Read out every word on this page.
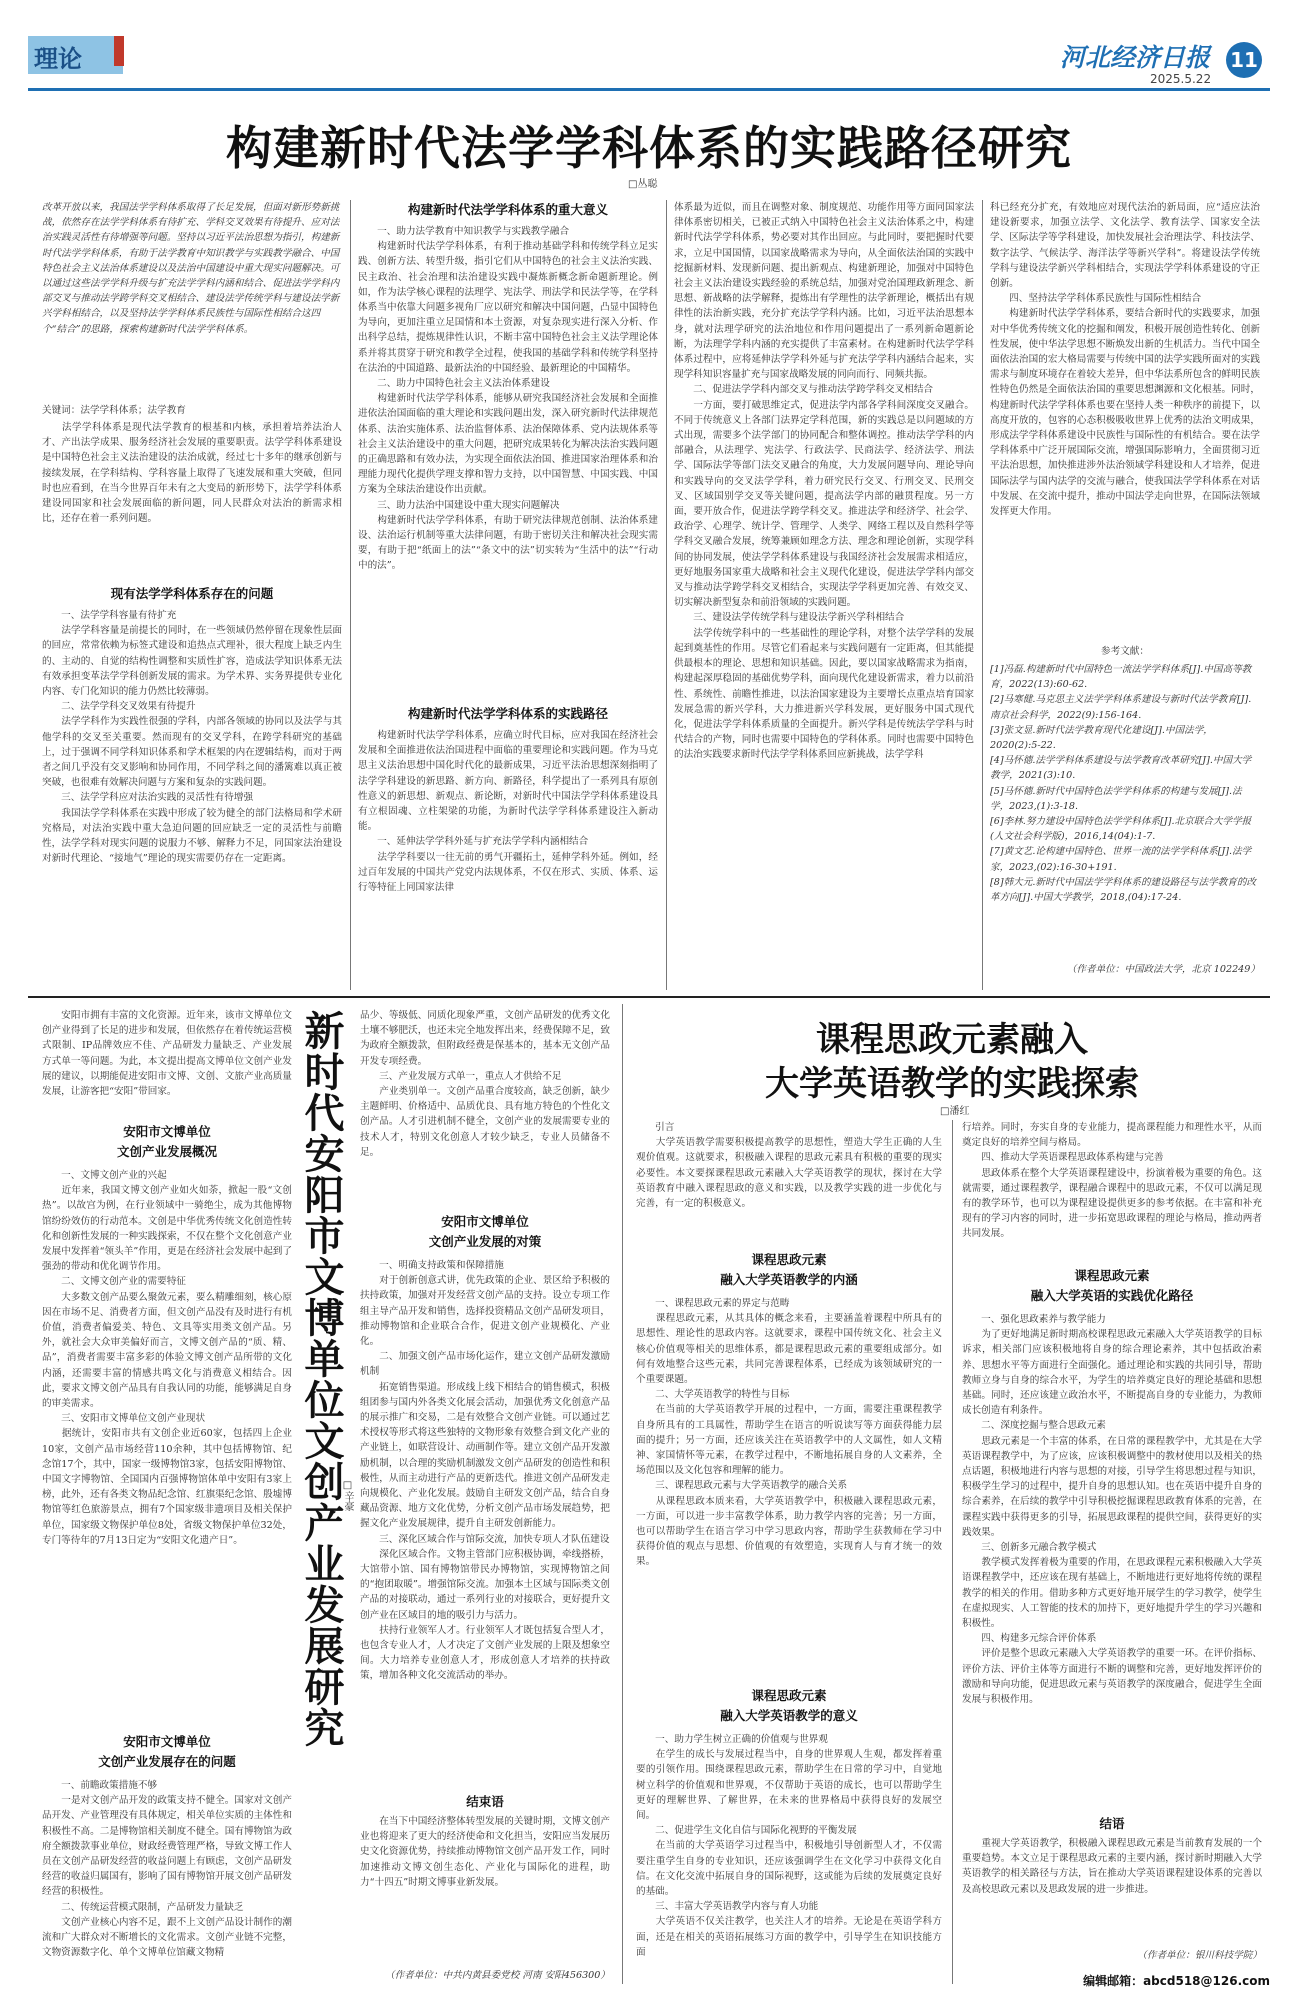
理论	河北经济日报
2025.5.22
11
构建新时代法学学科体系的实践路径研究
□丛聪
改革开放以来，我国法学学科体系取得了长足发展，但面对新形势新挑战，依然存在法学学科体系有待扩充、学科交叉效果有待提升、应对法治实践灵活性有待增强等问题。坚持以习近平法治思想为指引，构建新时代法学学科体系，有助于法学教育中知识教学与实践教学融合、中国特色社会主义法治体系建设以及法治中国建设中重大现实问题解决。可以通过这些法学学科升级与扩充法学学科内涵和结合、促进法学学科内部交叉与推动法学跨学科交叉相结合、建设法学传统学科与建设法学新兴学科相结合，以及坚持法学学科体系民族性与国际性相结合这四个“结合”的思路，探索构建新时代法学学科体系。
关键词：法学学科体系；法学教育
　　法学学科体系是现代法学教育的根基和内核，承担着培养法治人才、产出法学成果、服务经济社会发展的重要职责。法学学科体系建设是中国特色社会主义法治建设的法治成就，经过七十多年的继承创新与接续发展，在学科结构、学科容量上取得了飞速发展和重大突破，但同时也应看到，在当今世界百年未有之大变局的新形势下，法学学科体系建设同国家和社会发展面临的新问题，同人民群众对法治的新需求相比，还存在着一系列问题。
现有法学学科体系存在的问题
　　一、法学学科容量有待扩充
　　法学学科容量是前提长的同时，在一些领域仍然停留在现象性层面的回应，常常依赖为标签式建设和追热点式理补，很大程度上缺乏内生的、主动的、自觉的结构性调整和实质性扩容，造成法学知识体系无法有效承担变革法学学科创新发展的需求。为学术界、实务界提供专业化内容、专门化知识的能力仍然比较薄弱。
　　二、法学学科交叉效果有待提升
　　法学学科作为实践性很强的学科，内部各领域的协同以及法学与其他学科的交叉至关重要。然而现有的交叉学科，在跨学科研究的基础上，过于强调不同学科知识体系和学术框架的内在逻辑结构，而对于两者之间几乎没有交叉影响和协同作用，不同学科之间的潘篱难以真正被突破，也很难有效解决问题与方案和复杂的实践问题。
　　三、法学学科应对法治实践的灵活性有待增强
　　我国法学学科体系在实践中形成了较为健全的部门法格局和学术研究格局，对法治实践中重大急迫问题的回应缺乏一定的灵活性与前瞻性，法学学科对现实问题的说服力不够、解释力不足，同国家法治建设对新时代理论、“接地气”理论的现实需要仍存在一定距离。
构建新时代法学学科体系的重大意义
　　一、助力法学教育中知识教学与实践教学融合
　　构建新时代法学学科体系，有利于推动基础学科和传统学科立足实践、创新方法、转型升级，指引它们从中国特色的社会主义法治实践、民主政治、社会治理和法治建设实践中凝炼新概念新命题新理论。例如，作为法学核心课程的法理学、宪法学、刑法学和民法学等，在学科体系当中依靠大问题多视角厂应以研究和解决中国问题，凸显中国特色为导向，更加注重立足国情和本土资源，对复杂现实进行深入分析、作出科学总结，提炼规律性认识，不断丰富中国特色社会主义法学理论体系并将其贯穿于研究和教学全过程，使我国的基础学科和传统学科坚持在法治的中国道路、最新法治的中国经验、最新理论的中国精华。
　　二、助力中国特色社会主义法治体系建设
　　构建新时代法学学科体系，能够从研究我国经济社会发展和全面推进依法治国面临的重大理论和实践问题出发，深入研究新时代法律规范体系、法治实施体系、法治监督体系、法治保障体系、党内法规体系等社会主义法治建设中的重大问题，把研究成果转化为解决法治实践问题的正确思路和有效办法，为实现全面依法治国、推进国家治理体系和治理能力现代化提供学理支撑和智力支持，以中国智慧、中国实践、中国方案为全球法治建设作出贡献。
　　三、助力法治中国建设中重大现实问题解决
　　构建新时代法学学科体系，有助于研究法律规范创制、法治体系建设、法治运行机制等重大法律问题，有助于密切关注和解决社会现实需要，有助于把“纸面上的法”“条文中的法”切实转为“生活中的法”“行动中的法”。
构建新时代法学学科体系的实践路径
　　构建新时代法学学科体系，应确立时代目标，应对我国在经济社会发展和全面推进依法治国进程中面临的重要理论和实践问题。作为马克思主义法治思想中国化时代化的最新成果，习近平法治思想深刻指明了法学学科建设的新思路、新方向、新路径，科学提出了一系列具有原创性意义的新思想、新观点、新论断，对新时代中国法学学科体系建设具有立根固魂、立柱架梁的功能，为新时代法学学科体系建设注入新动能。
　　一、延伸法学学科外延与扩充法学学科内涵相结合
　　法学学科要以一往无前的勇气开疆拓土，延伸学科外延。例如，经过百年发展的中国共产党党内法规体系，不仅在形式、实质、体系、运行等特征上同国家法律
体系最为近似，而且在调整对象、制度规范、功能作用等方面同国家法律体系密切相关，已被正式纳入中国特色社会主义法治体系之中，构建新时代法学学科体系，势必要对其作出回应。与此同时，要把握时代要求，立足中国国情，以国家战略需求为导向，从全面依法治国的实践中挖掘新材料、发现新问题、提出新观点、构建新理论，加强对中国特色社会主义法治建设实践经验的系统总结，加强对党治国理政新理念、新思想、新战略的法学解释，提炼出有学理性的法学新理论，概括出有规律性的法治新实践，充分扩充法学学科内涵。比如，习近平法治思想本身，就对法理学研究的法治地位和作用问题提出了一系列新命题新论断，为法理学学科内涵的充实提供了丰富素材。在构建新时代法学学科体系过程中，应将延伸法学学科外延与扩充法学学科内涵结合起来，实现学科知识容量扩充与国家战略发展的同向而行、同频共振。
　　二、促进法学学科内部交叉与推动法学跨学科交叉相结合
　　一方面，要打破思维定式，促进法学内部各学科间深度交叉融合。不同于传统意义上各部门法界定学科范围，新的实践总是以问题域的方式出现，需要多个法学部门的协同配合和整体调控。推动法学学科的内部融合，从法理学、宪法学、行政法学、民商法学、经济法学、刑法学、国际法学等部门法交叉融合的角度，大力发展问题导向、理论导向和实践导向的交叉法学学科，着力研究民行交叉、行刑交叉、民刑交叉、区域国别学交叉等关键问题，提高法学内部的融贯程度。另一方面，要开放合作，促进法学跨学科交叉。推进法学和经济学、社会学、政治学、心理学、统计学、管理学、人类学、网络工程以及自然科学等学科交叉融合发展，统筹兼顾如理念方法、理念和理论创新，实现学科间的协同发展，使法学学科体系建设与我国经济社会发展需求相适应，更好地服务国家重大战略和社会主义现代化建设，促进法学学科内部交叉与推动法学跨学科交叉相结合，实现法学学科更加完善、有效交叉、切实解决新型复杂和前沿领域的实践问题。
　　三、建设法学传统学科与建设法学新兴学科相结合
　　法学传统学科中的一些基础性的理论学科，对整个法学学科的发展起到奠基性的作用。尽管它们看起来与实践问题有一定距离，但其能提供最根本的理论、思想和知识基础。因此，要以国家战略需求为指南，构建起深厚稳固的基础优势学科，面向现代化建设新需求，着力以前沿性、系统性、前瞻性推进，以法治国家建设为主要增长点重点培育国家发展急需的新兴学科，大力推进新兴学科发展，更好服务中国式现代化，促进法学学科体系质量的全面提升。新兴学科是传统法学学科与时代结合的产物，同时也需要中国特色的学科体系。同时也需要中国特色的法治实践要求新时代法学学科体系回应新挑战，法学学科
科已经充分扩充，有效地应对现代法治的新局面，应“适应法治建设新要求，加强立法学、文化法学、教育法学、国家安全法学、区际法学等学科建设，加快发展社会治理法学、科技法学、数字法学、气候法学、海洋法学等新兴学科”。将建设法学传统学科与建设法学新兴学科相结合，实现法学学科体系建设的守正创新。
　　四、坚持法学学科体系民族性与国际性相结合
　　构建新时代法学学科体系，要结合新时代的实践要求，加强对中华优秀传统文化的挖掘和阐发，积极开展创造性转化、创新性发展，使中华法学思想不断焕发出新的生机活力。当代中国全面依法治国的宏大格局需要与传统中国的法学实践所面对的实践需求与制度环境存在着较大差异，但中华法系所包含的鲜明民族性特色仍然是全面依法治国的重要思想渊源和文化根基。同时，构建新时代法学学科体系也要在坚持人类一种秩序的前提下，以高度开放的，包容的心态积极吸收世界上优秀的法治文明成果，形成法学学科体系建设中民族性与国际性的有机结合。要在法学学科体系中广泛开展国际交流，增强国际影响力，全面贯彻习近平法治思想，加快推进涉外法治领域学科建设和人才培养，促进国际法学与国内法学的交流与融合，使我国法学学科体系在对话中发展、在交流中提升，推动中国法学走向世界，在国际法领域发挥更大作用。
参考文献：
[1]冯磊.构建新时代中国特色一流法学学科体系[J].中国高等教育，2022(13):60-62.
[2]马寒健.马克思主义法学学科体系建设与新时代法学教育[J].南京社会科学，2022(9):156-164.
[3]张文显.新时代法学教育现代化建设[J].中国法学，2020(2):5-22.
[4]马怀德.法学学科体系建设与法学教育改革研究[J].中国大学教学，2021(3):10.
[5]马怀德.新时代中国特色法学学科体系的构建与发展[J].法学，2023,(1):3-18.
[6]李林.努力建设中国特色法学学科体系[J].北京联合大学学报(人文社会科学版)，2016,14(04):1-7.
[7]黄文艺.论构建中国特色、世界一流的法学学科体系[J].法学家，2023,(02):16-30+191.
[8]韩大元.新时代中国法学学科体系的建设路径与法学教育的改革方向[J].中国大学教学，2018,(04):17-24.
（作者单位：中国政法大学，北京 102249）
　　安阳市拥有丰富的文化资源。近年来，该市文博单位文创产业得到了长足的进步和发展，但依然存在着传统运营模式限制、IP品牌效应不佳、产品研发力量缺乏、产业发展方式单一等问题。为此，本文提出提高文博单位文创产业发展的建议，以期能促进安阳市文博、文创、文旅产业高质量发展，让游客把“安阳”带回家。
安阳市文博单位
文创产业发展概况
　　一、文博文创产业的兴起
　　近年来，我国文博文创产业如火如荼，掀起一股“文创热”。以故宫为例，在行业领域中一骑绝尘，成为其他博物馆纷纷效仿的行动范本。文创是中华优秀传统文化创造性转化和创新性发展的一种实践探索，不仅在整个文化创意产业发展中发挥着“领头羊”作用，更是在经济社会发展中起到了强劲的带动和优化调节作用。
　　二、文博文创产业的需要特征
　　大多数文创产品要么聚敛元素，要么精雕细刻，核心原因在市场不足、消费者方面，但文创产品没有及时进行有机价值，消费者偏爱美、特色、文具等实用类文创产品。另外，就社会大众审美偏好而言，文博文创产品的“质、精、品”，消费者需要丰富多彩的体验文博文创产品所带的文化内涵，还需要丰富的情感共鸣文化与消费意义相结合。因此，要求文博文创产品具有自我认同的功能，能够满足自身的审美需求。
　　三、安阳市文博单位文创产业现状
　　据统计，安阳市共有文创企业近60家，包括四上企业10家，文创产品市场经营110余种，其中包括博物馆、纪念馆17个，其中，国家一级博物馆3家，包括安阳博物馆、中国文字博物馆、全国国内百强博物馆体单中安阳有3家上榜，此外，还有各类文物品纪念馆、红旗渠纪念馆、殷墟博物馆等红色旅游景点，拥有7个国家级非遗项目及相关保护单位，国家级文物保护单位8处，省级文物保护单位32处，专门等待年的7月13日定为“安阳文化遗产日”。
安阳市文博单位
文创产业发展存在的问题
　　一、前瞻政策措施不够
　　一是对文创产品开发的政策支持不健全。国家对文创产品开发、产业管理没有具体规定，相关单位实质的主体性和积极性不高。二是博物馆相关制度不健全。国有博物馆为政府全额拨款事业单位，财政经费管理严格，导致文博工作人员在文创产品研发经营的收益问题上有顾虑，文创产品研发经营的收益归属国有，影响了国有博物馆开展文创产品研发经营的积极性。
　　二、传统运营模式限制，产品研发力量缺乏
　　文创产业核心内容不足，跟不上文创产品设计制作的潮流和广大群众对不断增长的文化需求。文创产业链不完整，文物资源数字化、单个文博单位馆藏文物精
新时代安阳市文博单位文创产业发展研究
□辛豪
品少、等级低、同质化现象严重，文创产品研发的优秀文化土壤不够肥沃，也还未完全地发挥出来，经费保障不足，致为政府全额拨款，但附政经费是保基本的，基本无文创产品开发专项经费。
　　三、产业发展方式单一，重点人才供给不足
　　产业类别单一。文创产品重合度较高，缺乏创新，缺少主题鲜明、价格适中、品质优良、具有地方特色的个性化文创产品。人才引进机制不健全，文创产业的发展需要专业的技术人才，特别文化创意人才较少缺乏，专业人员储备不足。
安阳市文博单位
文创产业发展的对策
　　一、明确支持政策和保障措施
　　对于创新创意式讲，优先政策的企业、景区给予积极的扶持政策，加强对开发经营文创产品的支持。设立专项工作组主导产品开发和销售，选择投资精品文创产品研发项目，推动博物馆和企业联合合作，促进文创产业规模化、产业化。
　　二、加强文创产品市场化运作，建立文创产品研发激励机制
　　拓宽销售渠道。形成线上线下相结合的销售模式，积极组团参与国内外各类文化展会活动，加强优秀文化创意产品的展示推广和交易，二是有效整合文创产业链。可以通过艺术授权等形式将这些独特的文物形象有效整合到文化产业的产业链上，如联营设计、动画制作等。建立文创产品开发激励机制，以合理的奖励机制激发文创产品研发的创造性和积极性，从而主动进行产品的更新迭代。推进文创产品研发走向规模化、产业化发展。鼓励自主研发文创产品，结合自身藏品资源、地方文化优势，分析文创产品市场发展趋势，把握文化产业发展规律，提升自主研发创新能力。
　　三、深化区域合作与馆际交流，加快专项人才队伍建设
　　深化区域合作。文物主管部门应积极协调，牵线搭桥，大馆带小馆、国有博物馆带民办博物馆，实现博物馆之间的“抱团取暖”。增强馆际交流。加强本土区域与国际类文创产品的对接联动，通过一系列行业的对接联合，更好提升文创产业在区域目的地的吸引力与活力。
　　扶持行业领军人才。行业领军人才既包括复合型人才，也包含专业人才，人才决定了文创产业发展的上限及想象空间。大力培养专业创意人才，形成创意人才培养的扶持政策，增加各种文化交流活动的举办。
结束语
　　在当下中国经济整体转型发展的关键时期，文博文创产业也将迎来了更大的经济使命和文化担当，安阳应当发展历史文化资源优势，持续推动博物馆文创产品开发工作，同时加速推动文博文创生态化、产业化与国际化的进程，助力“十四五”时期文博事业新发展。
（作者单位：中共内黄县委党校 河南 安阳456300）
课程思政元素融入
大学英语教学的实践探索
□潘红
　　引言
　　大学英语教学需要积极提高教学的思想性，塑造大学生正确的人生观价值观。这就要求，积极融入课程的思政元素具有积极的重要的现实必要性。本文要探课程思政元素融入大学英语教学的现状，探讨在大学英语教育中融入课程思政的意义和实践，以及教学实践的进一步优化与完善，有一定的积极意义。
课程思政元素
融入大学英语教学的内涵
　　一、课程思政元素的界定与范畴
　　课程思政元素，从其具体的概念来看，主要涵盖着课程中所具有的思想性、理论性的思政内容。这就要求，课程中国传统文化、社会主义核心价值观等相关的思维体系，都是课程思政元素的重要组成部分。如何有效地整合这些元素，共同完善课程体系，已经成为该领域研究的一个重要课题。
　　二、大学英语教学的特性与目标
　　在当前的大学英语教学开展的过程中，一方面，需要注重课程教学自身所具有的工具属性，帮助学生在语言的听说读写等方面获得能力层面的提升；另一方面，还应该关注在英语教学中的人文属性，如人文精神、家国情怀等元素，在教学过程中，不断地拓展自身的人文素养，全场范围以及文化包容和理解的能力。
　　三、课程思政元素与大学英语教学的融合关系
　　从课程思政本质来看，大学英语教学中，积极融入课程思政元素，一方面，可以进一步丰富教学体系，助力教学内容的完善；另一方面，也可以帮助学生在语言学习中学习思政内容，帮助学生获教师在学习中获得价值的观点与思想、价值观的有效塑造，实现育人与育才统一的效果。
课程思政元素
融入大学英语教学的意义
　　一、助力学生树立正确的价值观与世界观
　　在学生的成长与发展过程当中，自身的世界观人生观，都发挥着重要的引领作用。围绕课程思政元素，帮助学生在日常的学习中，自觉地树立科学的价值观和世界观，不仅帮助于英语的成长，也可以帮助学生更好的理解世界、了解世界，在未来的世界格局中获得良好的发展空间。
　　二、促进学生文化自信与国际化视野的平衡发展
　　在当前的大学英语学习过程当中，积极地引导创新型人才，不仅需要注重学生自身的专业知识，还应该强调学生在文化学习中获得文化自信。在文化交流中拓展自身的国际视野，这或能为后续的发展奠定良好的基础。
　　三、丰富大学英语教学内容与育人功能
　　大学英语不仅关注教学，也关注人才的培养。无论是在英语学科方面，还是在相关的英语拓展练习方面的教学中，引导学生在知识技能方面
行培养。同时，夯实自身的专业能力，提高课程能力和理性水平，从而奠定良好的培养空间与格局。
　　四、推动大学英语课程思政体系构建与完善
　　思政体系在整个大学英语课程建设中，扮演着极为重要的角色。这就需要，通过课程教学，课程融合课程中的思政元素，不仅可以满足现有的教学环节，也可以为课程建设提供更多的参考依据。在丰富和补充现有的学习内容的同时，进一步拓宽思政课程的理论与格局，推动两者共同发展。
课程思政元素
融入大学英语的实践优化路径
　　一、强化思政素养与教学能力
　　为了更好地满足新时期高校课程思政元素融入大学英语教学的目标诉求，相关部门应该积极地将自身的综合理论素养，其中包括政治素养、思想水平等方面进行全面强化。通过理论和实践的共同引导，帮助教师立身与自身的综合水平，为学生的培养奠定良好的理论基础和思想基础。同时，还应该建立政治水平，不断提高自身的专业能力，为教师成长创造有利条件。
　　二、深度挖掘与整合思政元素
　　思政元素是一个丰富的体系，在日常的课程教学中，尤其是在大学英语课程教学中，为了应该，应该积极调整中的教材使用以及相关的热点话题，积极地进行内容与思想的对接，引导学生将思想过程与知识，积极学生学习的过程中，提升自身的思想认知。也在英语中提升自身的综合素养，在后续的教学中引导积极挖掘课程思政教育体系的完善，在课程实践中获得更多的引导，拓展思政课程的提供空间，获得更好的实践效果。
　　三、创新多元融合教学模式
　　教学模式发挥着极为重要的作用，在思政课程元素积极融入大学英语课程教学中，还应该在现有基础上，不断地进行更好地将传统的课程教学的相关的作用。借助多种方式更好地开展学生的学习教学，使学生在虚拟现实、人工智能的技术的加持下，更好地提升学生的学习兴趣和积极性。
　　四、构建多元综合评价体系
　　评价是整个思政元素融入大学英语教学的重要一环。在评价指标、评价方法、评价主体等方面进行不断的调整和完善，更好地发挥评价的激励和导向功能，促进思政元素与英语教学的深度融合，促进学生全面发展与积极作用。
结语
　　重视大学英语教学，积极融入课程思政元素是当前教育发展的一个重要趋势。本文立足于课程思政元素的主要内涵，探讨新时期融入大学英语教学的相关路径与方法，旨在推动大学英语课程建设体系的完善以及高校思政元素以及思政发展的进一步推进。
（作者单位：银川科技学院）
编辑邮箱：abcd518@126.com
